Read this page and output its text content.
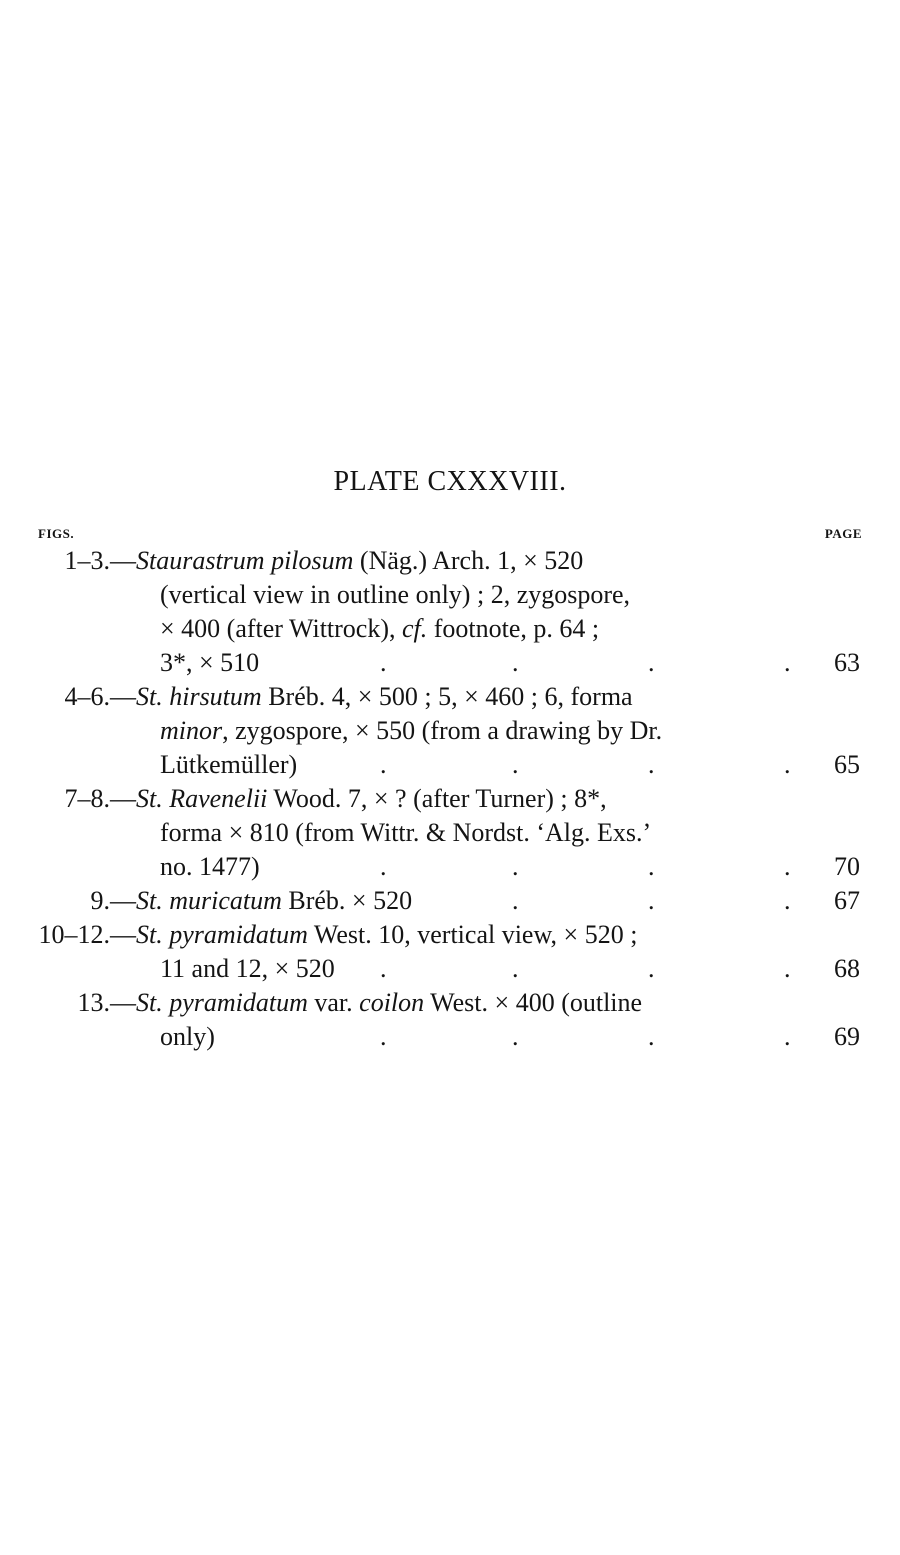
PLATE CXXXVIII.
FIGS.	PAGE
1–3.— Staurastrum pilosum (Näg.) Arch. 1, × 520
(vertical view in outline only) ; 2, zygospore,
× 400 (after Wittrock), cf. footnote, p. 64 ;
3*, × 510	63
.	.	.	.
4–6.— St. hirsutum Bréb. 4, × 500 ; 5, × 460 ; 6, forma
minor, zygospore, × 550 (from a drawing by Dr.
Lütkemüller)	65
.	.	.	.
7–8.— St. Ravenelii Wood. 7, × ? (after Turner) ; 8*,
forma × 810 (from Wittr. & Nordst. ‘Alg. Exs.’
no. 1477)	70
.	.	.	.
9.— St. muricatum Bréb. × 520	67
.	.	.
10–12.— St. pyramidatum West. 10, vertical view, × 520 ;
11 and 12, × 520	68
.	.	.	.
13.— St. pyramidatum var. coilon West. × 400 (outline
only)	69
.	.	.	.
